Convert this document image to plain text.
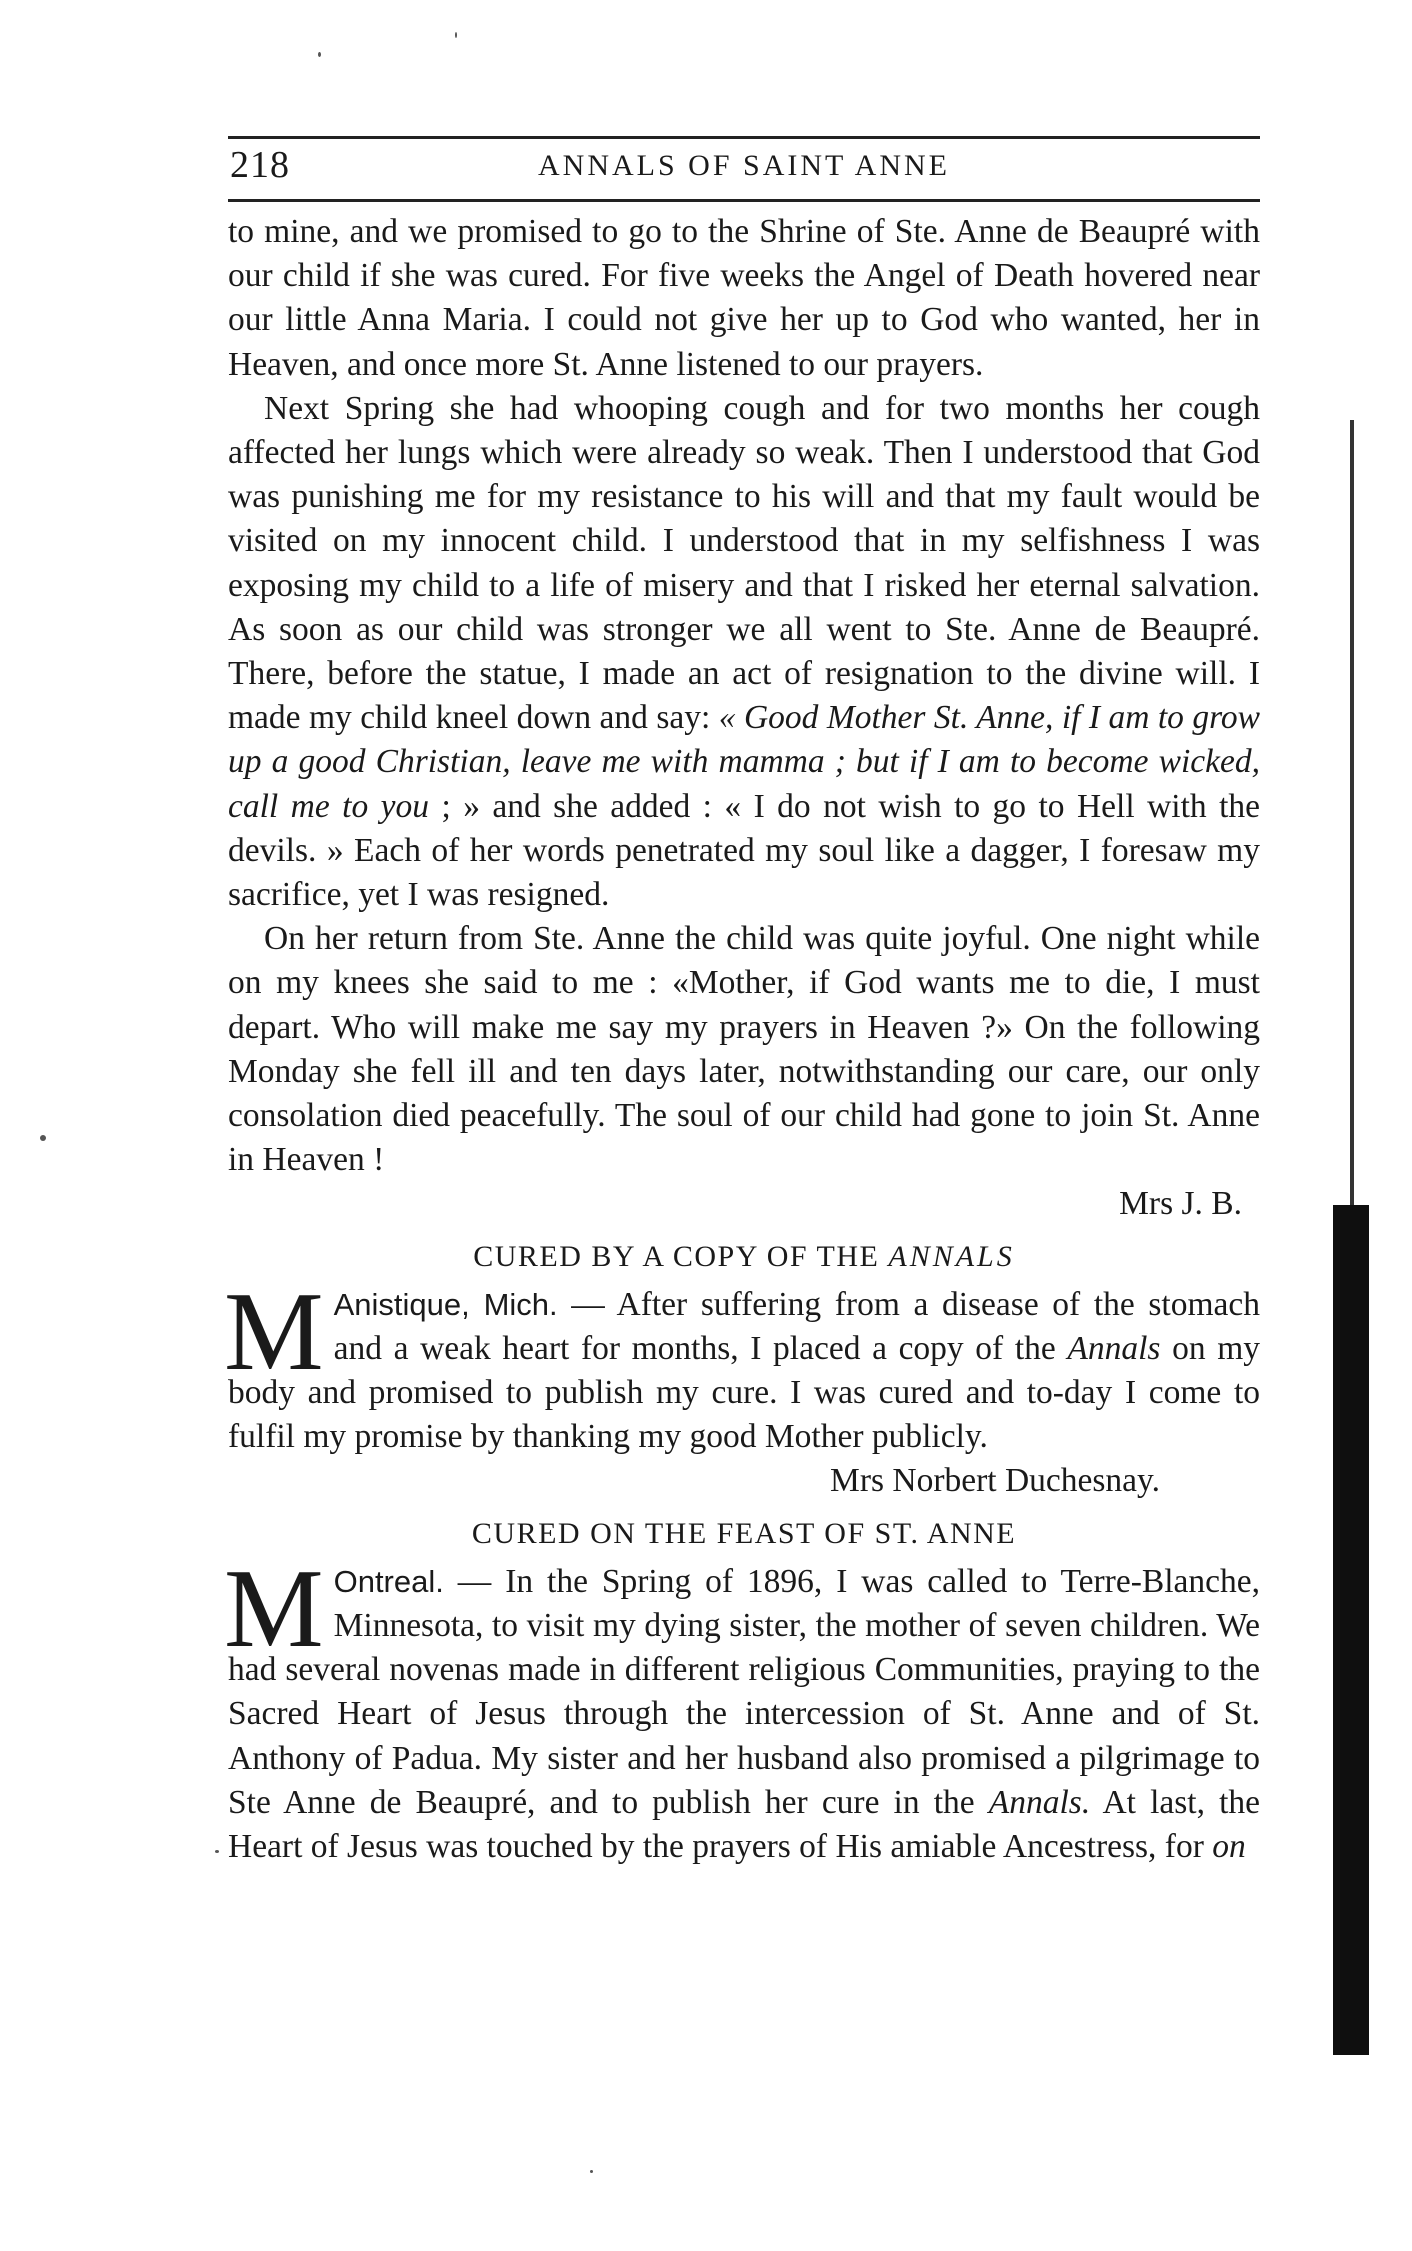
218	ANNALS OF SAINT ANNE

to mine, and we promised to go to the Shrine of Ste. Anne de Beaupré with our child if she was cured. For five weeks the Angel of Death hovered near our little Anna Maria. I could not give her up to God who wanted, her in Heaven, and once more St. Anne listened to our prayers.

Next Spring she had whooping cough and for two months her cough affected her lungs which were already so weak. Then I understood that God was punishing me for my resistance to his will and that my fault would be visited on my innocent child. I understood that in my selfishness I was exposing my child to a life of misery and that I risked her eternal salvation. As soon as our child was stronger we all went to Ste. Anne de Beaupré. There, before the statue, I made an act of resignation to the divine will. I made my child kneel down and say: « Good Mother St. Anne, if I am to grow up a good Christian, leave me with mamma ; but if I am to become wicked, call me to you ; » and she added : « I do not wish to go to Hell with the devils. » Each of her words penetrated my soul like a dagger, I foresaw my sacrifice, yet I was resigned.

On her return from Ste. Anne the child was quite joyful. One night while on my knees she said to me : «Mother, if God wants me to die, I must depart. Who will make me say my prayers in Heaven ?» On the following Monday she fell ill and ten days later, notwithstanding our care, our only consolation died peacefully. The soul of our child had gone to join St. Anne in Heaven !

Mrs J. B.
CURED BY A COPY OF THE ANNALS
M Anistique, Mich. — After suffering from a disease of the stomach and a weak heart for months, I placed a copy of the Annals on my body and promised to publish my cure. I was cured and to-day I come to fulfil my promise by thanking my good Mother publicly.
Mrs Norbert Duchesnay.
CURED ON THE FEAST OF ST. ANNE
M Ontreal. — In the Spring of 1896, I was called to Terre-Blanche, Minnesota, to visit my dying sister, the mother of seven children. We had several novenas made in different religious Communities, praying to the Sacred Heart of Jesus through the intercession of St. Anne and of St. Anthony of Padua. My sister and her husband also promised a pilgrimage to Ste Anne de Beaupré, and to publish her cure in the Annals. At last, the Heart of Jesus was touched by the prayers of His amiable Ancestress, for on
